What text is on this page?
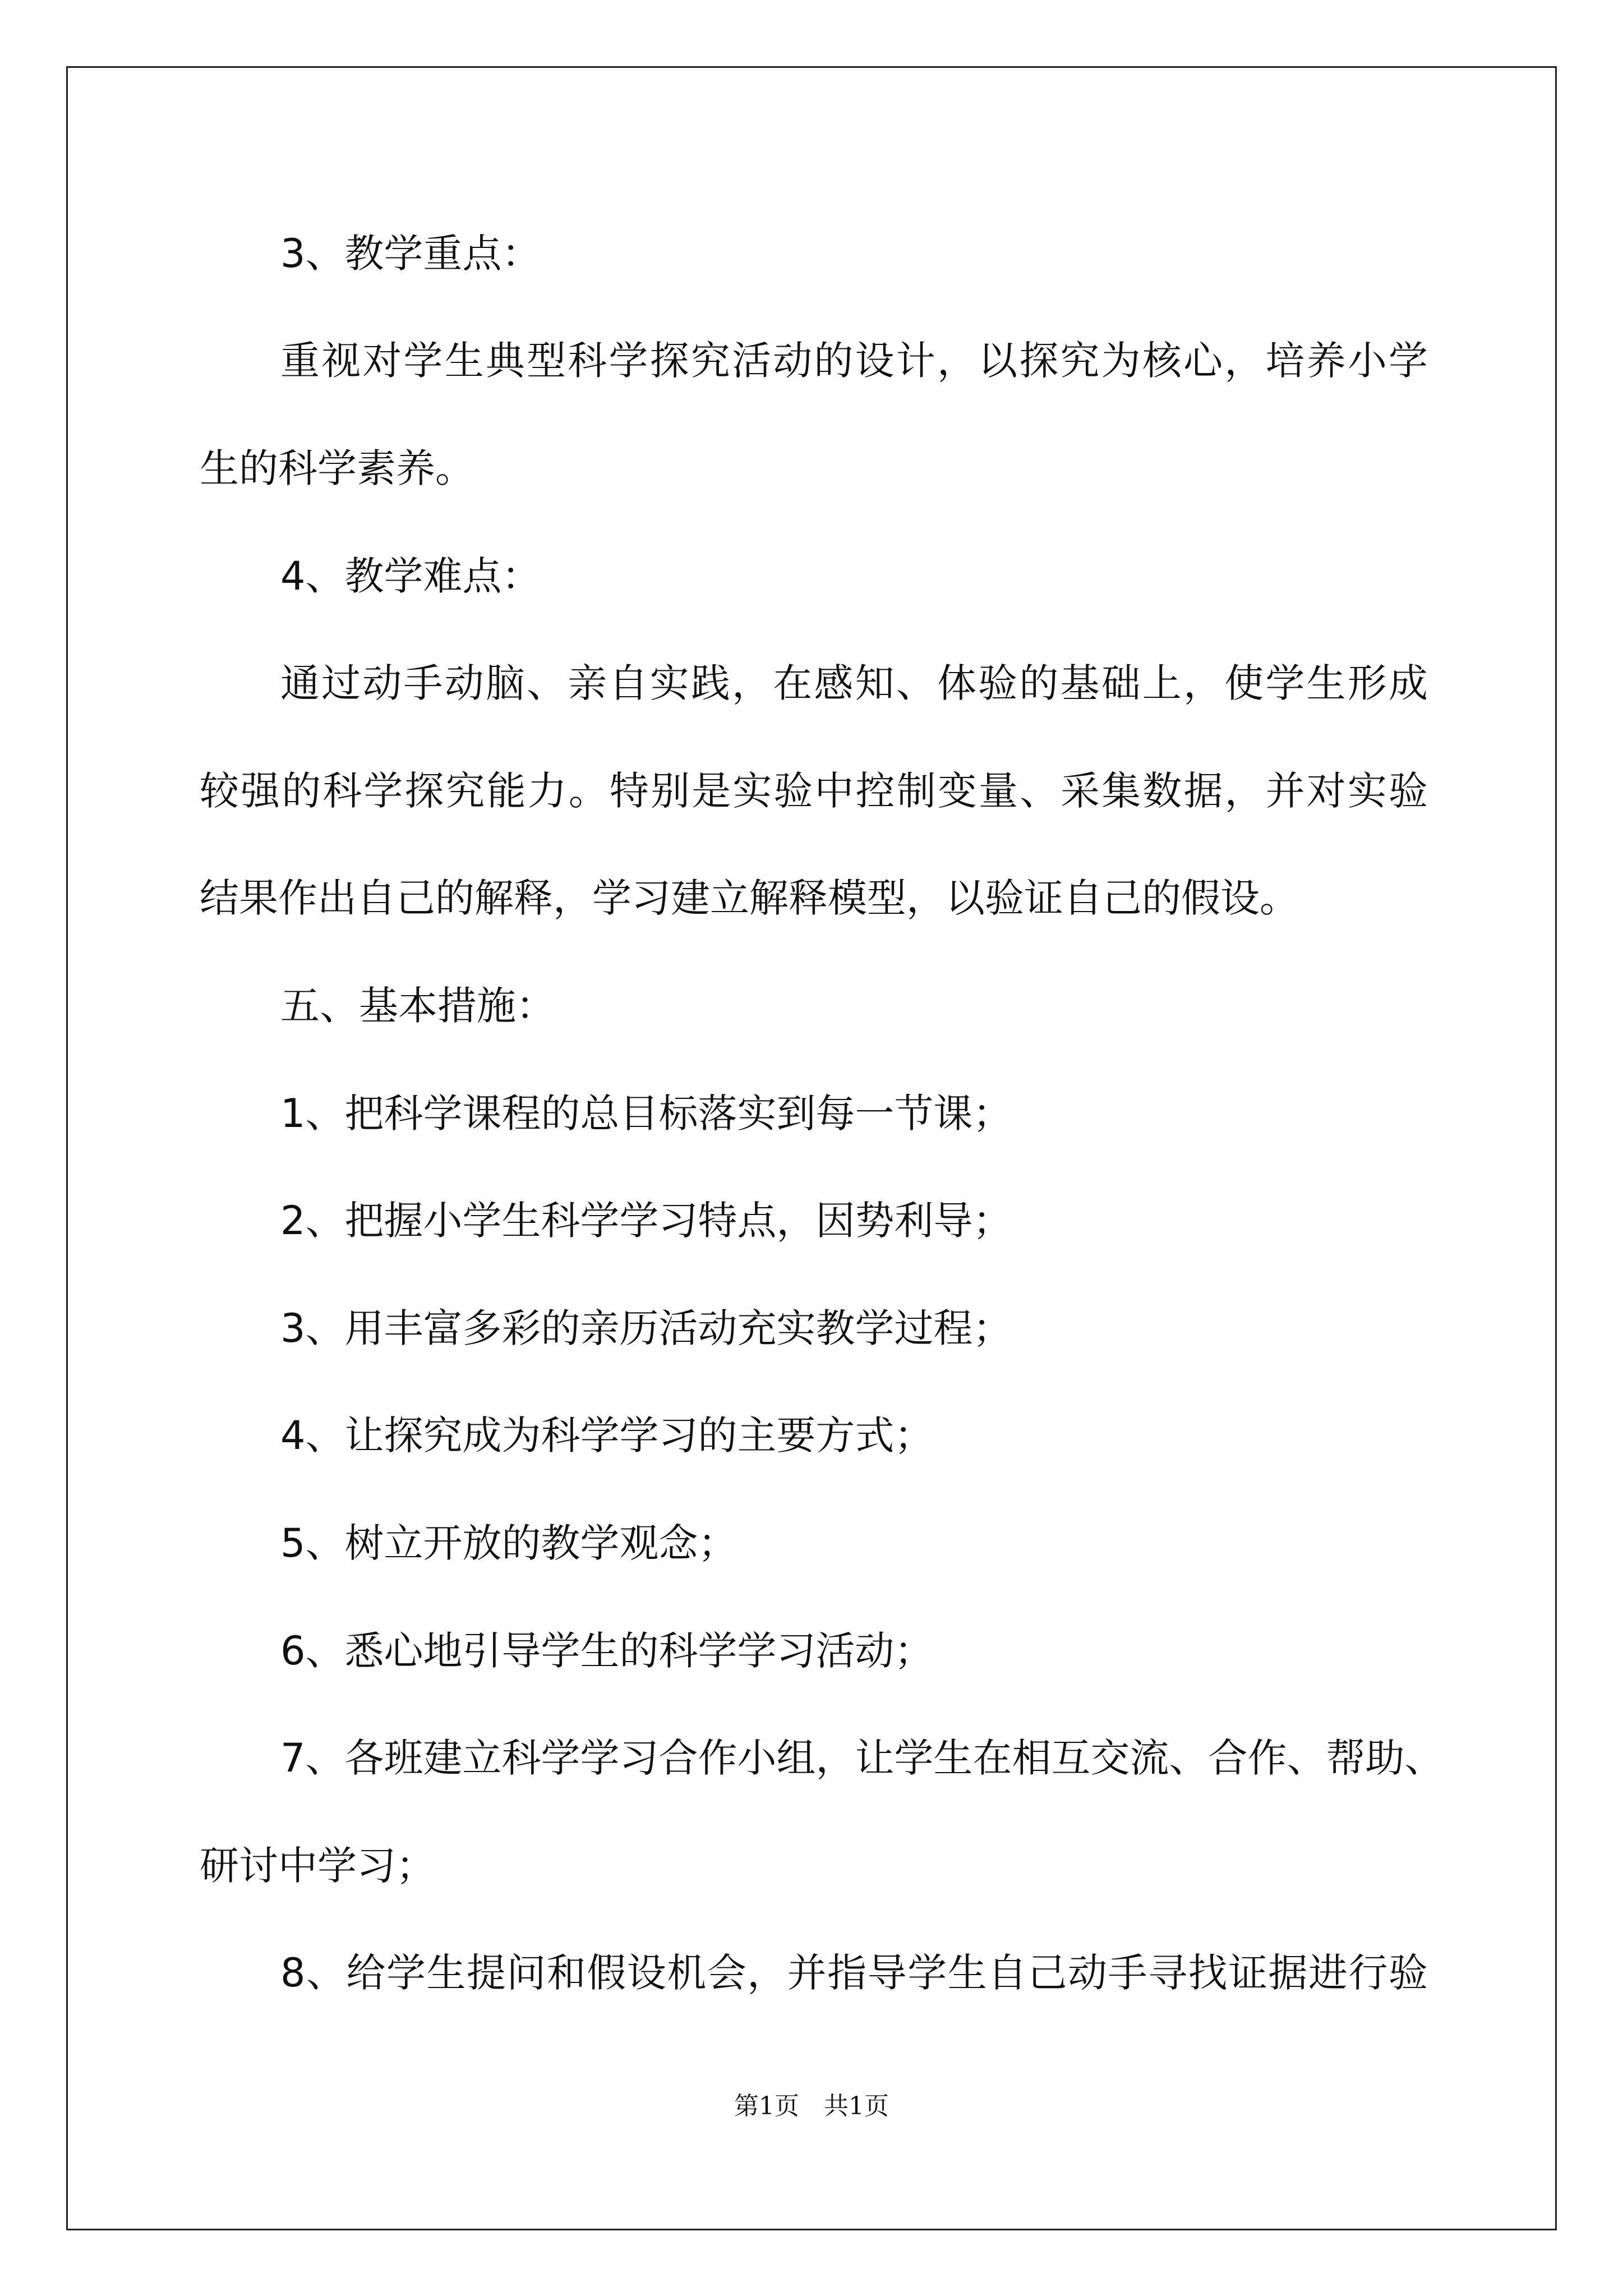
3、教学重点：
重视对学生典型科学探究活动的设计，以探究为核心，培养小学
生的科学素养。
4、教学难点：
通过动手动脑、亲自实践，在感知、体验的基础上，使学生形成
较强的科学探究能力。特别是实验中控制变量、采集数据，并对实验
结果作出自己的解释，学习建立解释模型，以验证自己的假设。
五、基本措施：
1、把科学课程的总目标落实到每一节课；
2、把握小学生科学学习特点，因势利导；
3、用丰富多彩的亲历活动充实教学过程；
4、让探究成为科学学习的主要方式；
5、树立开放的教学观念；
6、悉心地引导学生的科学学习活动；
7、各班建立科学学习合作小组，让学生在相互交流、合作、帮助、
研讨中学习；
8、给学生提问和假设机会，并指导学生自己动手寻找证据进行验
第1页　共1页
